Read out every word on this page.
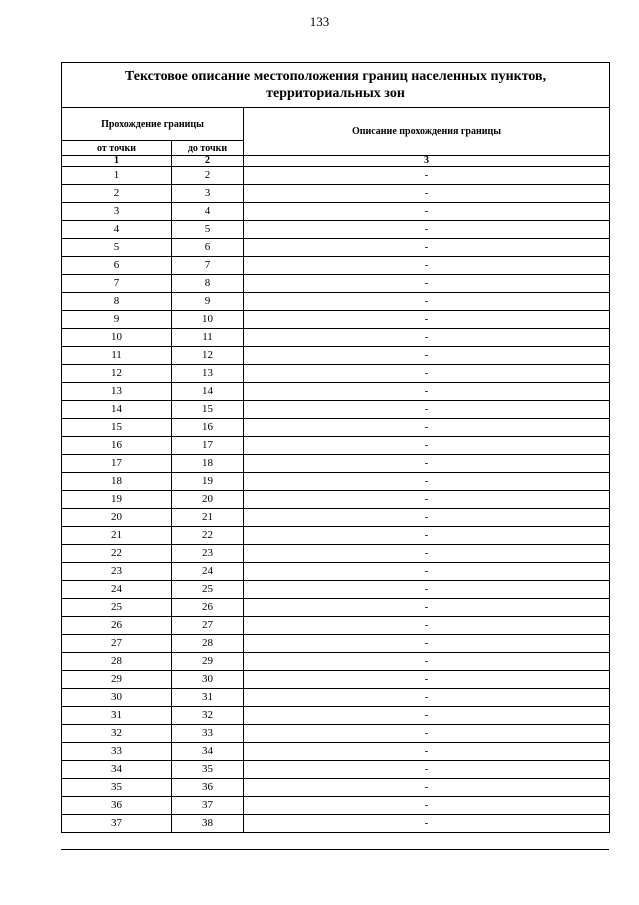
133
Текстовое описание местоположения границ населенных пунктов,
территориальных зон		
Прохождение границы		Описание прохождения границы
от точки	до точки	
1	2	3
1	2	-
2	3	-
3	4	-
4	5	-
5	6	-
6	7	-
7	8	-
8	9	-
9	10	-
10	11	-
11	12	-
12	13	-
13	14	-
14	15	-
15	16	-
16	17	-
17	18	-
18	19	-
19	20	-
20	21	-
21	22	-
22	23	-
23	24	-
24	25	-
25	26	-
26	27	-
27	28	-
28	29	-
29	30	-
30	31	-
31	32	-
32	33	-
33	34	-
34	35	-
35	36	-
36	37	-
37	38	-
